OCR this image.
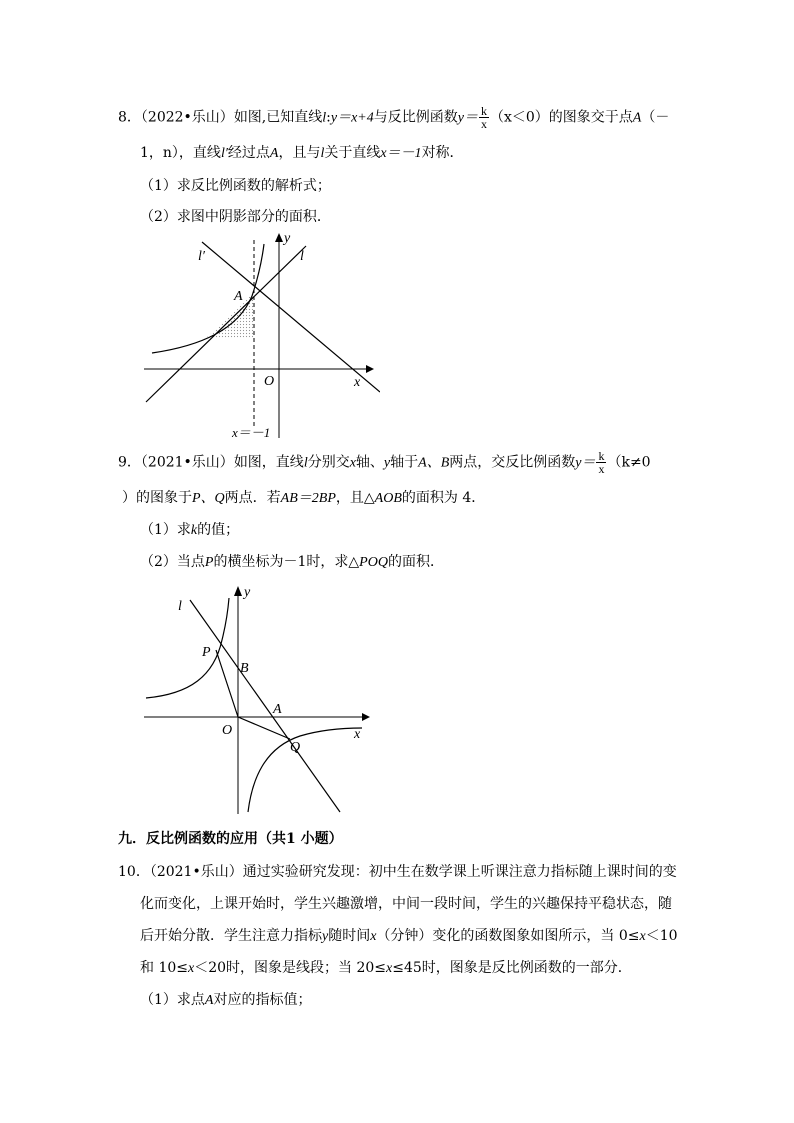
8．（2022•乐山）如图,已知直线l:y＝x+4与反比例函数$y= \frac{k}{x} (x<0)$的图象交于点A（－
1，n），直线l′经过点A，且与l关于直线x＝－1对称．
（1）求反比例函数的解析式；
（2）求图中阴影部分的面积．
y
l′	l
A
O	x
x＝－1
9．（2021•乐山）如图，直线l分别交x轴、y轴于A、B两点，交反比例函数$y= \frac{k}{x} (k\ne 0$
）的图象于P、Q两点．若AB＝2BP，且△AOB的面积为 4．
（1）求k的值；
（2）当点P的横坐标为－1时，求△POQ的面积．
l
y
P
B
A
O	x
Q
九．反比例函数的应用（共1 小题）
10．（2021•乐山）通过实验研究发现：初中生在数学课上听课注意力指标随上课时间的变
化而变化，上课开始时，学生兴趣激增，中间一段时间，学生的兴趣保持平稳状态，随
后开始分散．学生注意力指标y随时间x（分钟）变化的函数图象如图所示，当 0≤x＜10
和 10≤x＜20时，图象是线段；当 20≤x≤45时，图象是反比例函数的一部分．
（1）求点A对应的指标值；
